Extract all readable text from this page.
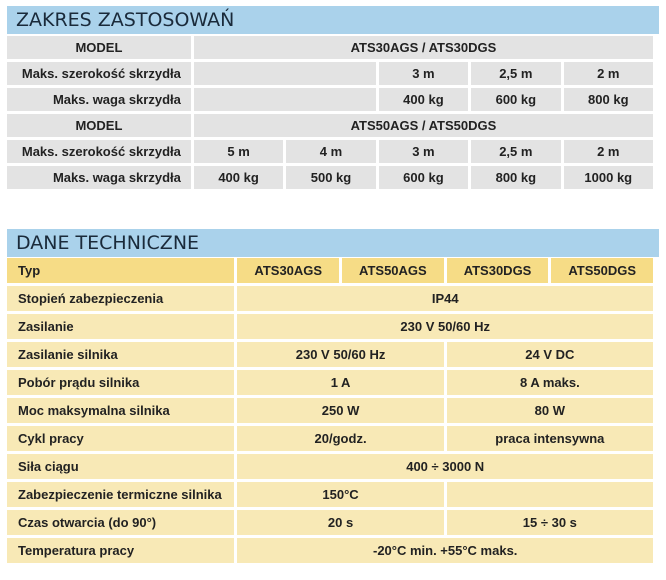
ZAKRES ZASTOSOWAŃ
MODEL	ATS30AGS / ATS30DGS				
Maks. szerokość skrzydła			3 m	2,5 m	2 m
Maks. waga skrzydła			400 kg	600 kg	800 kg
MODEL	ATS50AGS / ATS50DGS				
Maks. szerokość skrzydła	5 m	4 m	3 m	2,5 m	2 m
Maks. waga skrzydła	400 kg	500 kg	600 kg	800 kg	1000 kg
DANE TECHNICZNE
Typ	ATS30AGS	ATS50AGS	ATS30DGS	ATS50DGS
Stopień zabezpieczenia	IP44			
Zasilanie	230 V 50/60 Hz			
Zasilanie silnika	230 V 50/60 Hz		24 V DC	
Pobór prądu silnika	1 A		8 A maks.	
Moc maksymalna silnika	250 W		80 W	
Cykl pracy	20/godz.		praca intensywna	
Siła ciągu	400 ÷ 3000 N			
Zabezpieczenie termiczne silnika	150°C			
Czas otwarcia (do 90°)	20 s		15 ÷ 30 s	
Temperatura pracy	-20°C min. +55°C maks.			
